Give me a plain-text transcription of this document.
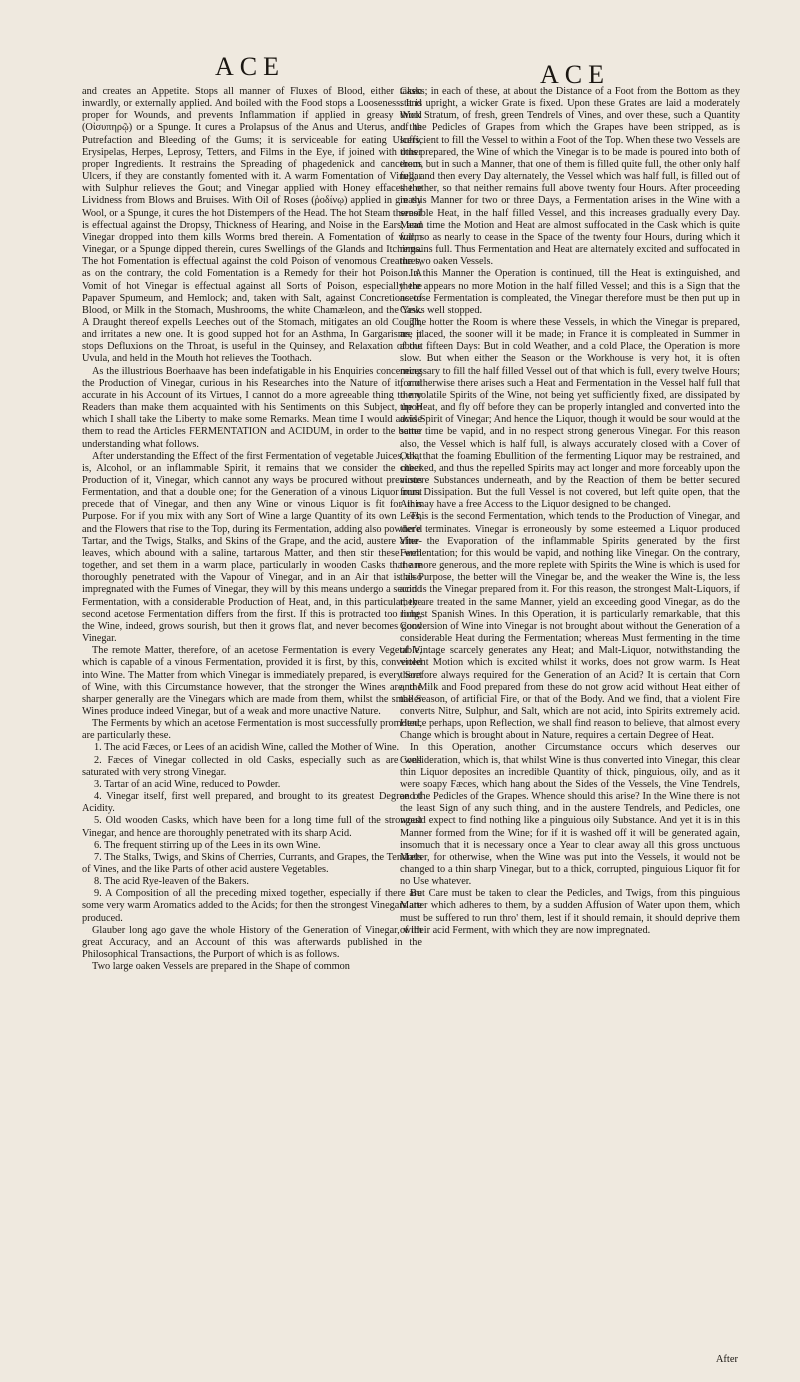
ACE	ACE

and creates an Appetite. Stops all manner of Fluxes of Blood, either taken inwardly, or externally applied. And boiled with the Food stops a Looseness. It is proper for Wounds, and prevents Inflammation if applied in greasy Wool (Οἰσυπηρῷ) or a Spunge. It cures a Prolapsus of the Anus and Uterus, and the Putrefaction and Bleeding of the Gums; it is serviceable for eating Ulcers, Erysipelas, Herpes, Leprosy, Tetters, and Films in the Eye, if joined with other proper Ingredients. It restrains the Spreading of phagedenick and cancerous Ulcers, if they are constantly fomented with it. A warm Fomentation of Vinegar with Sulphur relieves the Gout; and Vinegar applied with Honey effaces the Lividness from Blows and Bruises. With Oil of Roses (ῥοδίνῳ) applied in greasy Wool, or a Spunge, it cures the hot Distempers of the Head. The hot Steam thereof is effectual against the Dropsy, Thickness of Hearing, and Noise in the Ears; and Vinegar dropped into them kills Worms bred therein. A Fomentation of warm Vinegar, or a Spunge dipped therein, cures Swellings of the Glands and Itchings. The hot Fomentation is effectual against the cold Poison of venomous Creatures, as on the contrary, the cold Fomentation is a Remedy for their hot Poison. A Vomit of hot Vinegar is effectual against all Sorts of Poison, especially the Papaver Spumeum, and Hemlock; and, taken with Salt, against Concretions of Blood, or Milk in the Stomach, Mushrooms, the white Chamæleon, and the Yew. A Draught thereof expells Leeches out of the Stomach, mitigates an old Cough, and irritates a new one. It is good supped hot for an Asthma, In Gargarisms, it stops Defluxions on the Throat, is useful in the Quinsey, and Relaxation of the Uvula, and held in the Mouth hot relieves the Toothach.

As the illustrious Boerhaave has been indefatigable in his Enquiries concerning the Production of Vinegar, curious in his Researches into the Nature of it, and accurate in his Account of its Virtues, I cannot do a more agreeable thing to my Readers than make them acquainted with his Sentiments on this Subject, upon which I shall take the Liberty to make some Remarks. Mean time I would advise them to read the Articles FERMENTATION and ACIDUM, in order to the better understanding what follows.

After understanding the Effect of the first Fermentation of vegetable Juices, that is, Alcohol, or an inflammable Spirit, it remains that we consider the other Production of it, Vinegar, which cannot any ways be procured without previous Fermentation, and that a double one; for the Generation of a vinous Liquor must precede that of Vinegar, and then any Wine or vinous Liquor is fit for this Purpose. For if you mix with any Sort of Wine a large Quantity of its own Lees, and the Flowers that rise to the Top, during its Fermentation, adding also powder'd Tartar, and the Twigs, Stalks, and Skins of the Grape, and the acid, austere Vine-leaves, which abound with a saline, tartarous Matter, and then stir these well together, and set them in a warm place, particularly in wooden Casks that are thoroughly penetrated with the Vapour of Vinegar, and in an Air that is also impregnated with the Fumes of Vinegar, they will by this means undergo a second Fermentation, with a considerable Production of Heat, and, in this particular, the second acetose Fermentation differs from the first. If this is protracted too long, the Wine, indeed, grows sourish, but then it grows flat, and never becomes good Vinegar.

The remote Matter, therefore, of an acetose Fermentation is every Vegetable, which is capable of a vinous Fermentation, provided it is first, by this, converted into Wine. The Matter from which Vinegar is immediately prepared, is every Sort of Wine, with this Circumstance however, that the stronger the Wines are, the sharper generally are the Vinegars which are made from them, whilst the smaller Wines produce indeed Vinegar, but of a weak and more unactive Nature.

The Ferments by which an acetose Fermentation is most successfully promoted, are particularly these.

1. The acid Fæces, or Lees of an acidish Wine, called the Mother of Wine.

2. Fæces of Vinegar collected in old Casks, especially such as are well saturated with very strong Vinegar.

3. Tartar of an acid Wine, reduced to Powder.

4. Vinegar itself, first well prepared, and brought to its greatest Degree of Acidity.

5. Old wooden Casks, which have been for a long time full of the strongest Vinegar, and hence are thoroughly penetrated with its sharp Acid.

6. The frequent stirring up of the Lees in its own Wine.

7. The Stalks, Twigs, and Skins of Cherries, Currants, and Grapes, the Tendrels of Vines, and the like Parts of other acid austere Vegetables.

8. The acid Rye-leaven of the Bakers.

9. A Composition of all the preceding mixed together, especially if there are some very warm Aromatics added to the Acids; for then the strongest Vinegars are produced.

Glauber long ago gave the whole History of the Generation of Vinegar, with great Accuracy, and an Account of this was afterwards published in the Philosophical Transactions, the Purport of which is as follows.

Two large oaken Vessels are prepared in the Shape of common

Casks; in each of these, at about the Distance of a Foot from the Bottom as they stand upright, a wicker Grate is fixed. Upon these Grates are laid a moderately thick Stratum, of fresh, green Tendrels of Vines, and over these, such a Quantity of the Pedicles of Grapes from which the Grapes have been stripped, as is sufficient to fill the Vessel to within a Foot of the Top. When these two Vessels are thus prepared, the Wine of which the Vinegar is to be made is poured into both of them, but in such a Manner, that one of them is filled quite full, the other only half full; and then every Day alternately, the Vessel which was half full, is filled out of the other, so that neither remains full above twenty four Hours. After proceeding in this Manner for two or three Days, a Fermentation arises in the Wine with a sensible Heat, in the half filled Vessel, and this increases gradually every Day. Mean time the Motion and Heat are almost suffocated in the Cask which is quite full, so as nearly to cease in the Space of the twenty four Hours, during which it remains full. Thus Fermentation and Heat are alternately excited and suffocated in the two oaken Vessels.

In this Manner the Operation is continued, till the Heat is extinguished, and there appears no more Motion in the half filled Vessel; and this is a Sign that the acetose Fermentation is compleated, the Vinegar therefore must be then put up in Casks well stopped.

The hotter the Room is where these Vessels, in which the Vinegar is prepared, are placed, the sooner will it be made; in France it is compleated in Summer in about fifteen Days: But in cold Weather, and a cold Place, the Operation is more slow. But when either the Season or the Workhouse is very hot, it is often necessary to fill the half filled Vessel out of that which is full, every twelve Hours; for otherwise there arises such a Heat and Fermentation in the Vessel half full that the volatile Spirits of the Wine, not being yet sufficiently fixed, are dissipated by the Heat, and fly off before they can be properly intangled and converted into the acid Spirit of Vinegar; And hence the Liquor, though it would be sour would at the same time be vapid, and in no respect strong generous Vinegar. For this reason also, the Vessel which is half full, is always accurately closed with a Cover of Oak, that the foaming Ebullition of the fermenting Liquor may be restrained, and checked, and thus the repelled Spirits may act longer and more forceably upon the austere Substances underneath, and by the Reaction of them be better secured from Dissipation. But the full Vessel is not covered, but left quite open, that the Air may have a free Access to the Liquor designed to be changed.

This is the second Fermentation, which tends to the Production of Vinegar, and there terminates. Vinegar is erroneously by some esteemed a Liquor produced after the Evaporation of the inflammable Spirits generated by the first Fermentation; for this would be vapid, and nothing like Vinegar. On the contrary, the more generous, and the more replete with Spirits the Wine is which is used for this Purpose, the better will the Vinegar be, and the weaker the Wine is, the less acid is the Vinegar prepared from it. For this reason, the strongest Malt-Liquors, if they are treated in the same Manner, yield an exceeding good Vinegar, as do the richest Spanish Wines. In this Operation, it is particularly remarkable, that this Conversion of Wine into Vinegar is not brought about without the Generation of a considerable Heat during the Fermentation; whereas Must fermenting in the time of Vintage scarcely generates any Heat; and Malt-Liquor, notwithstanding the violent Motion which is excited whilst it works, does not grow warm. Is Heat therefore always required for the Generation of an Acid? It is certain that Corn and Milk and Food prepared from these do not grow acid without Heat either of the Season, of artificial Fire, or that of the Body. And we find, that a violent Fire converts Nitre, Sulphur, and Salt, which are not acid, into Spirits extremely acid. Hence perhaps, upon Reflection, we shall find reason to believe, that almost every Change which is brought about in Nature, requires a certain Degree of Heat.

In this Operation, another Circumstance occurs which deserves our Consideration, which is, that whilst Wine is thus converted into Vinegar, this clear thin Liquor deposites an incredible Quantity of thick, pinguious, oily, and as it were soapy Fæces, which hang about the Sides of the Vessels, the Vine Tendrels, and the Pedicles of the Grapes. Whence should this arise? In the Wine there is not the least Sign of any such thing, and in the austere Tendrels, and Pedicles, one would expect to find nothing like a pinguious oily Substance. And yet it is in this Manner formed from the Wine; for if it is washed off it will be generated again, insomuch that it is necessary once a Year to clear away all this gross unctuous Matter, for otherwise, when the Wine was put into the Vessels, it would not be changed to a thin sharp Vinegar, but to a thick, corrupted, pinguious Liquor fit for no Use whatever.

But Care must be taken to clear the Pedicles, and Twigs, from this pinguious Matter which adheres to them, by a sudden Affusion of Water upon them, which must be suffered to run thro' them, lest if it should remain, it should deprive them of their acid Ferment, with which they are now impregnated.

After
